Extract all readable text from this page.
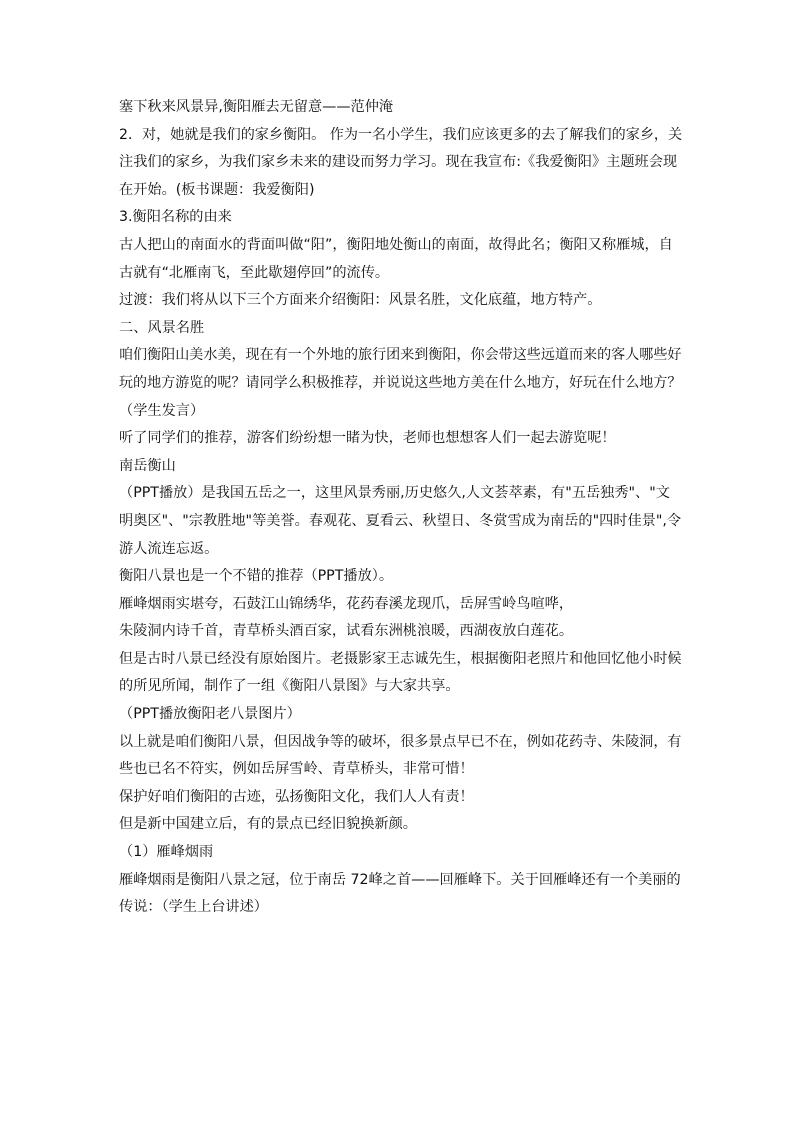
塞下秋来风景异,衡阳雁去无留意——范仲淹

2．对，她就是我们的家乡衡阳。 作为一名小学生，我们应该更多的去了解我们的家乡，关
注我们的家乡，为我们家乡未来的建设而努力学习。现在我宣布:《我爱衡阳》主题班会现
在开始。(板书课题：我爱衡阳)

3.衡阳名称的由来

古人把山的南面水的背面叫做“阳”，衡阳地处衡山的南面，故得此名；衡阳又称雁城，自
古就有“北雁南飞，至此歇翅停回”的流传。

过渡：我们将从以下三个方面来介绍衡阳：风景名胜，文化底蕴，地方特产。

二、风景名胜

咱们衡阳山美水美，现在有一个外地的旅行团来到衡阳，你会带这些远道而来的客人哪些好
玩的地方游览的呢？请同学么积极推荐，并说说这些地方美在什么地方，好玩在什么地方？

（学生发言）

听了同学们的推荐，游客们纷纷想一睹为快，老师也想想客人们一起去游览呢！

南岳衡山

（PPT播放）是我国五岳之一，这里风景秀丽,历史悠久,人文荟萃素，有"五岳独秀"、"文
明奥区"、"宗教胜地"等美誉。春观花、夏看云、秋望日、冬赏雪成为南岳的"四时佳景",令
游人流连忘返。

衡阳八景也是一个不错的推荐（PPT播放）。

雁峰烟雨实堪夸，石鼓江山锦绣华，花药春溪龙现爪，岳屏雪岭鸟喧哗，

朱陵洞内诗千首，青草桥头酒百家，试看东洲桃浪暖，西湖夜放白莲花。

但是古时八景已经没有原始图片。老摄影家王志诚先生，根据衡阳老照片和他回忆他小时候
的所见所闻，制作了一组《衡阳八景图》与大家共享。

（PPT播放衡阳老八景图片）

以上就是咱们衡阳八景，但因战争等的破坏，很多景点早已不在，例如花药寺、朱陵洞，有
些也已名不符实，例如岳屏雪岭、青草桥头，非常可惜！

保护好咱们衡阳的古迹，弘扬衡阳文化，我们人人有责！

但是新中国建立后，有的景点已经旧貌换新颜。

（1）雁峰烟雨

雁峰烟雨是衡阳八景之冠，位于南岳 72峰之首——回雁峰下。关于回雁峰还有一个美丽的
传说：（学生上台讲述）
